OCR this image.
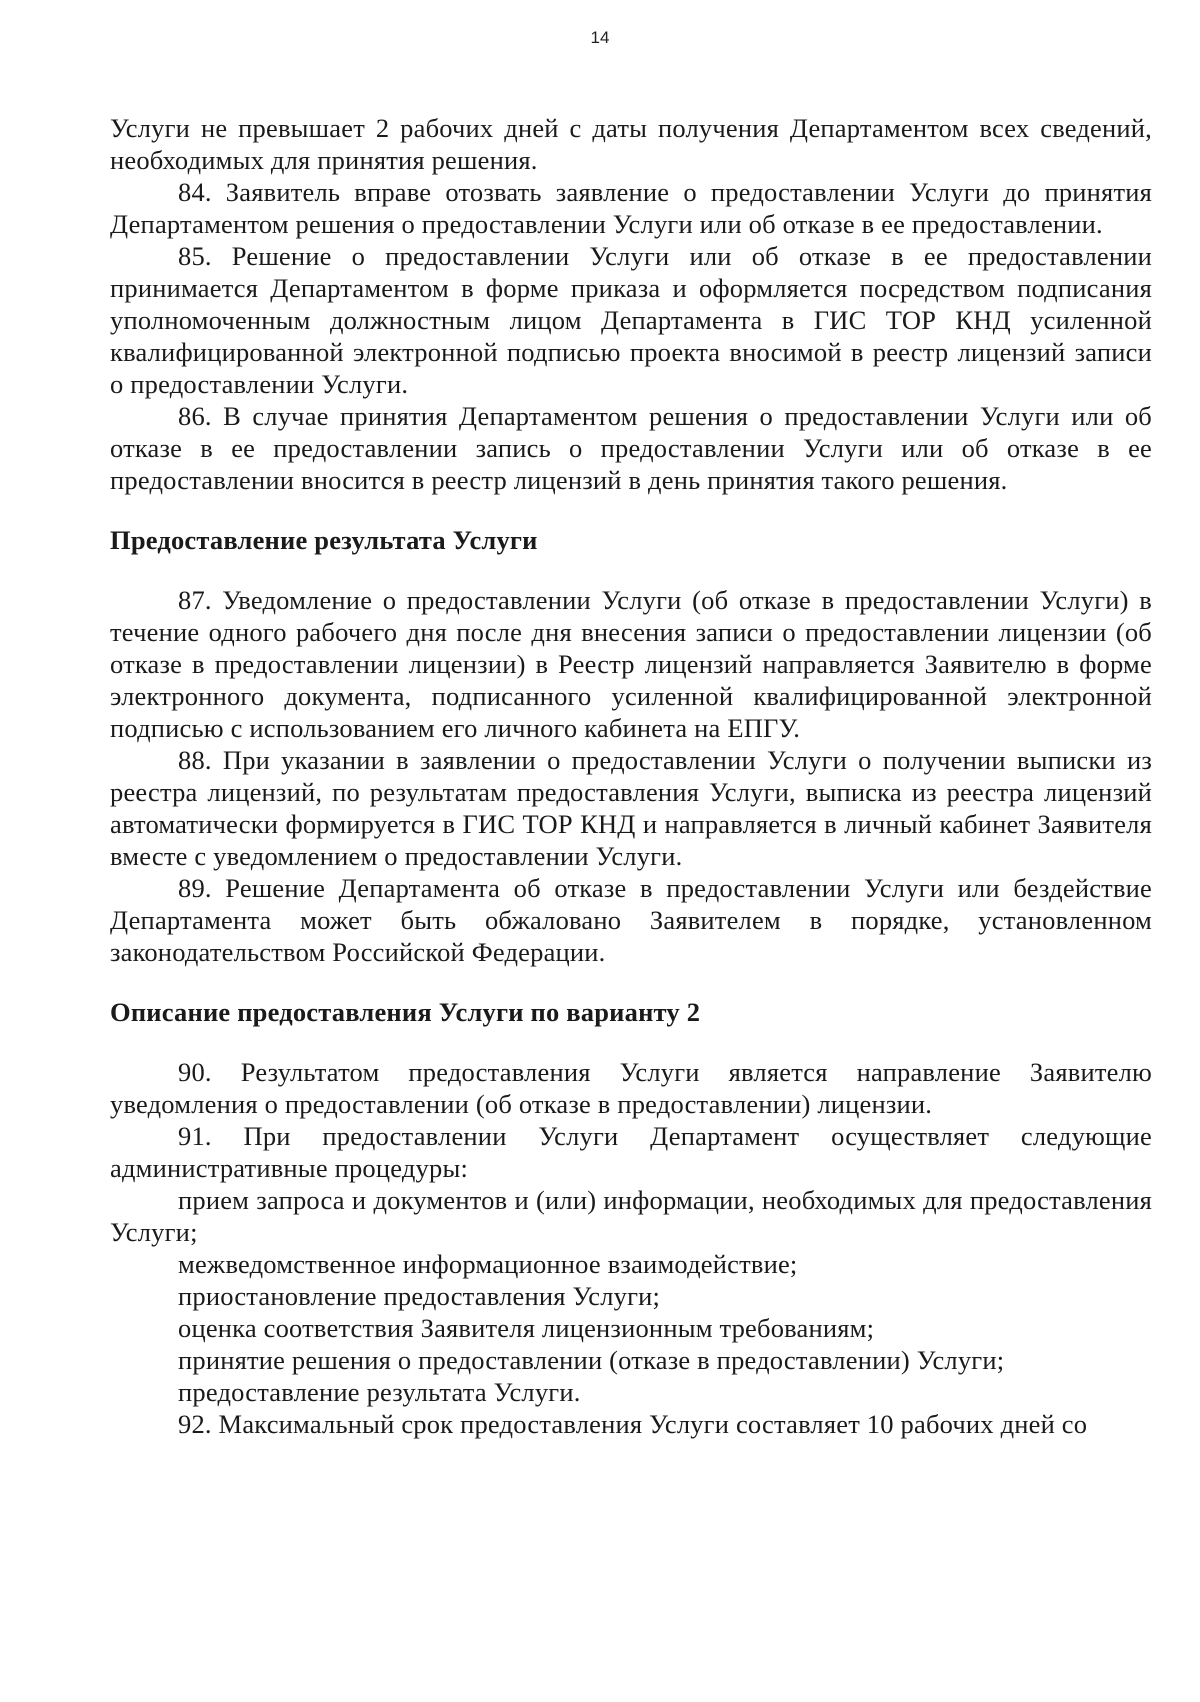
14

Услуги не превышает 2 рабочих дней с даты получения Департаментом всех сведений, необходимых для принятия решения.

84. Заявитель вправе отозвать заявление о предоставлении Услуги до принятия Департаментом решения о предоставлении Услуги или об отказе в ее предоставлении.

85. Решение о предоставлении Услуги или об отказе в ее предоставлении принимается Департаментом в форме приказа и оформляется посредством подписания уполномоченным должностным лицом Департамента в ГИС ТОР КНД усиленной квалифицированной электронной подписью проекта вносимой в реестр лицензий записи о предоставлении Услуги.

86. В случае принятия Департаментом решения о предоставлении Услуги или об отказе в ее предоставлении запись о предоставлении Услуги или об отказе в ее предоставлении вносится в реестр лицензий в день принятия такого решения.

Предоставление результата Услуги

87. Уведомление о предоставлении Услуги (об отказе в предоставлении Услуги) в течение одного рабочего дня после дня внесения записи о предоставлении лицензии (об отказе в предоставлении лицензии) в Реестр лицензий направляется Заявителю в форме электронного документа, подписанного усиленной квалифицированной электронной подписью с использованием его личного кабинета на ЕПГУ.

88. При указании в заявлении о предоставлении Услуги о получении выписки из реестра лицензий, по результатам предоставления Услуги, выписка из реестра лицензий автоматически формируется в ГИС ТОР КНД и направляется в личный кабинет Заявителя вместе с уведомлением о предоставлении Услуги.

89. Решение Департамента об отказе в предоставлении Услуги или бездействие Департамента может быть обжаловано Заявителем в порядке, установленном законодательством Российской Федерации.

Описание предоставления Услуги по варианту 2

90. Результатом предоставления Услуги является направление Заявителю уведомления о предоставлении (об отказе в предоставлении) лицензии.

91. При предоставлении Услуги Департамент осуществляет следующие административные процедуры:

прием запроса и документов и (или) информации, необходимых для предоставления Услуги;

межведомственное информационное взаимодействие;

приостановление предоставления Услуги;

оценка соответствия Заявителя лицензионным требованиям;

принятие решения о предоставлении (отказе в предоставлении) Услуги;

предоставление результата Услуги.

92. Максимальный срок предоставления Услуги составляет 10 рабочих дней со
